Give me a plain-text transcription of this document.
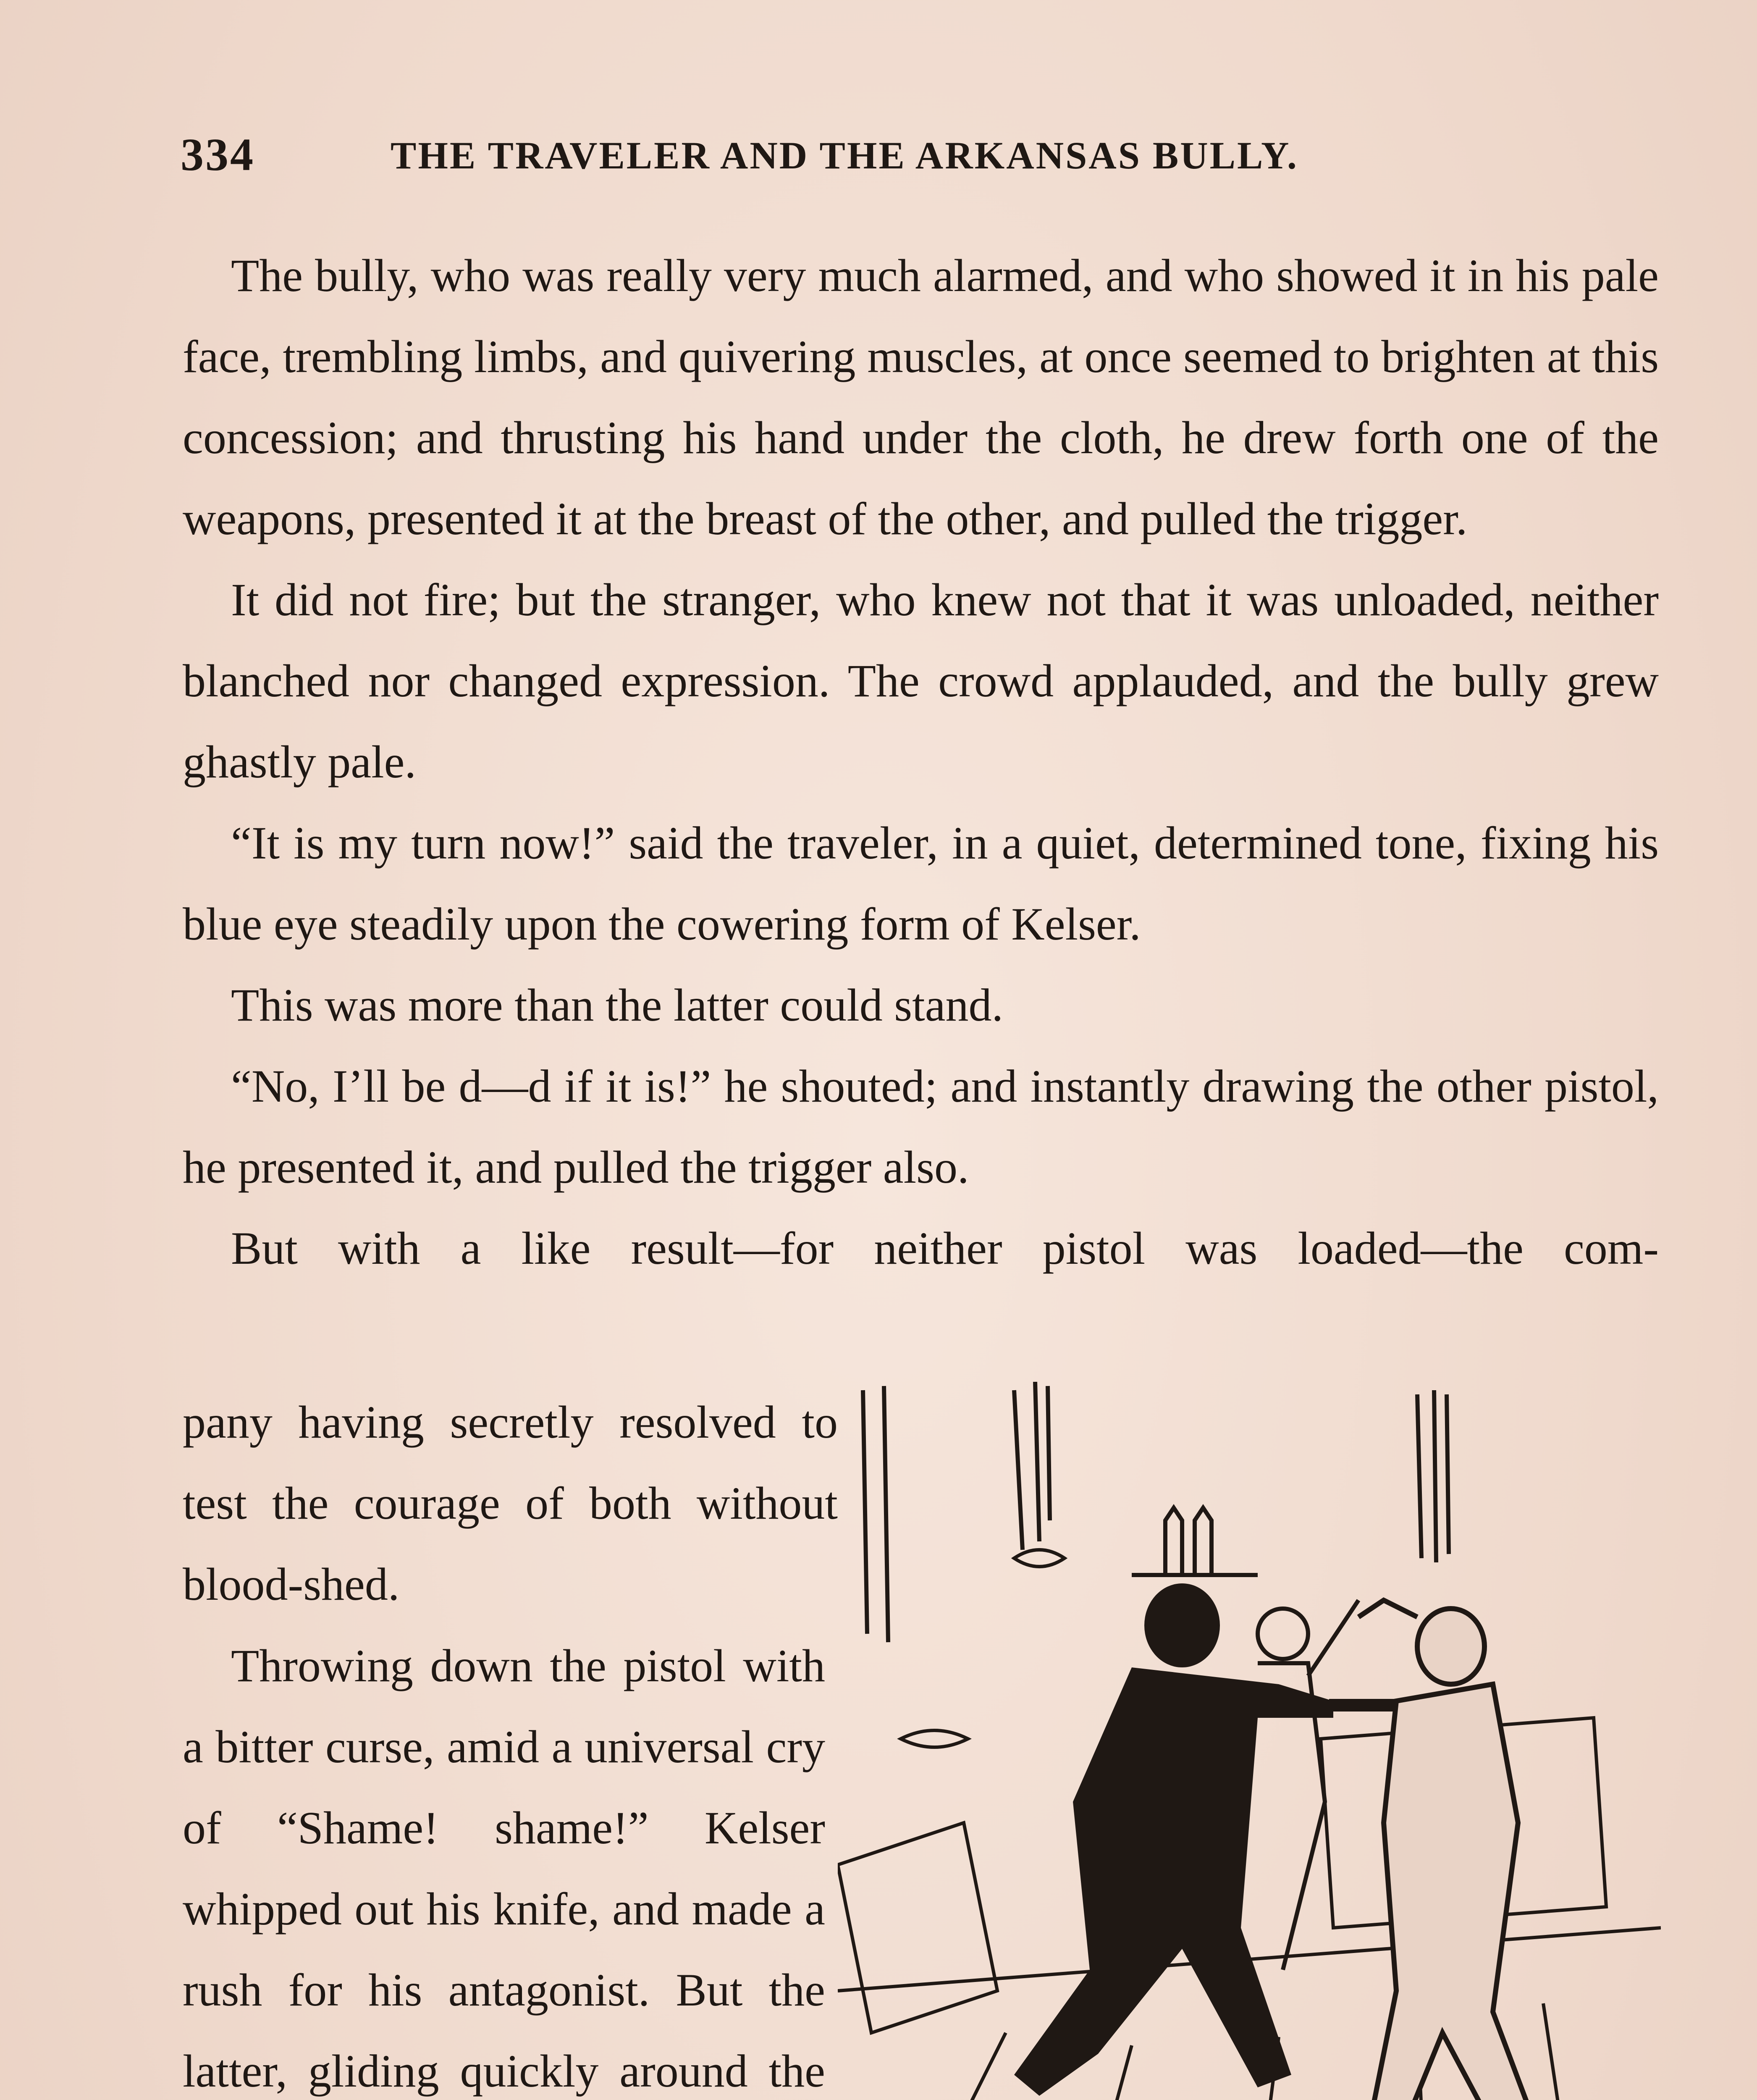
334	THE TRAVELER AND THE ARKANSAS BULLY.

The bully, who was really very much alarmed, and who showed it in his pale face, trembling limbs, and quivering muscles, at once seemed to brighten at this concession; and thrusting his hand under the cloth, he drew forth one of the weapons, presented it at the breast of the other, and pulled the trigger.

It did not fire; but the stranger, who knew not that it was unloaded, neither blanched nor changed expression. The crowd applauded, and the bully grew ghastly pale.

“It is my turn now!” said the traveler, in a quiet, determined tone, fixing his blue eye steadily upon the cowering form of Kelser.

This was more than the latter could stand.

“No, I’ll be d—d if it is!” he shouted; and instantly drawing the other pistol, he presented it, and pulled the trigger also.

But with a like result—for neither pistol was loaded—the com-

pany having secretly resolved to test the courage of both without blood-shed.

Throwing down the pistol with a bitter curse, amid a universal cry of “Shame! shame!” Kelser whipped out his knife, and made a rush for his antagonist. But the latter, gliding quickly around the
